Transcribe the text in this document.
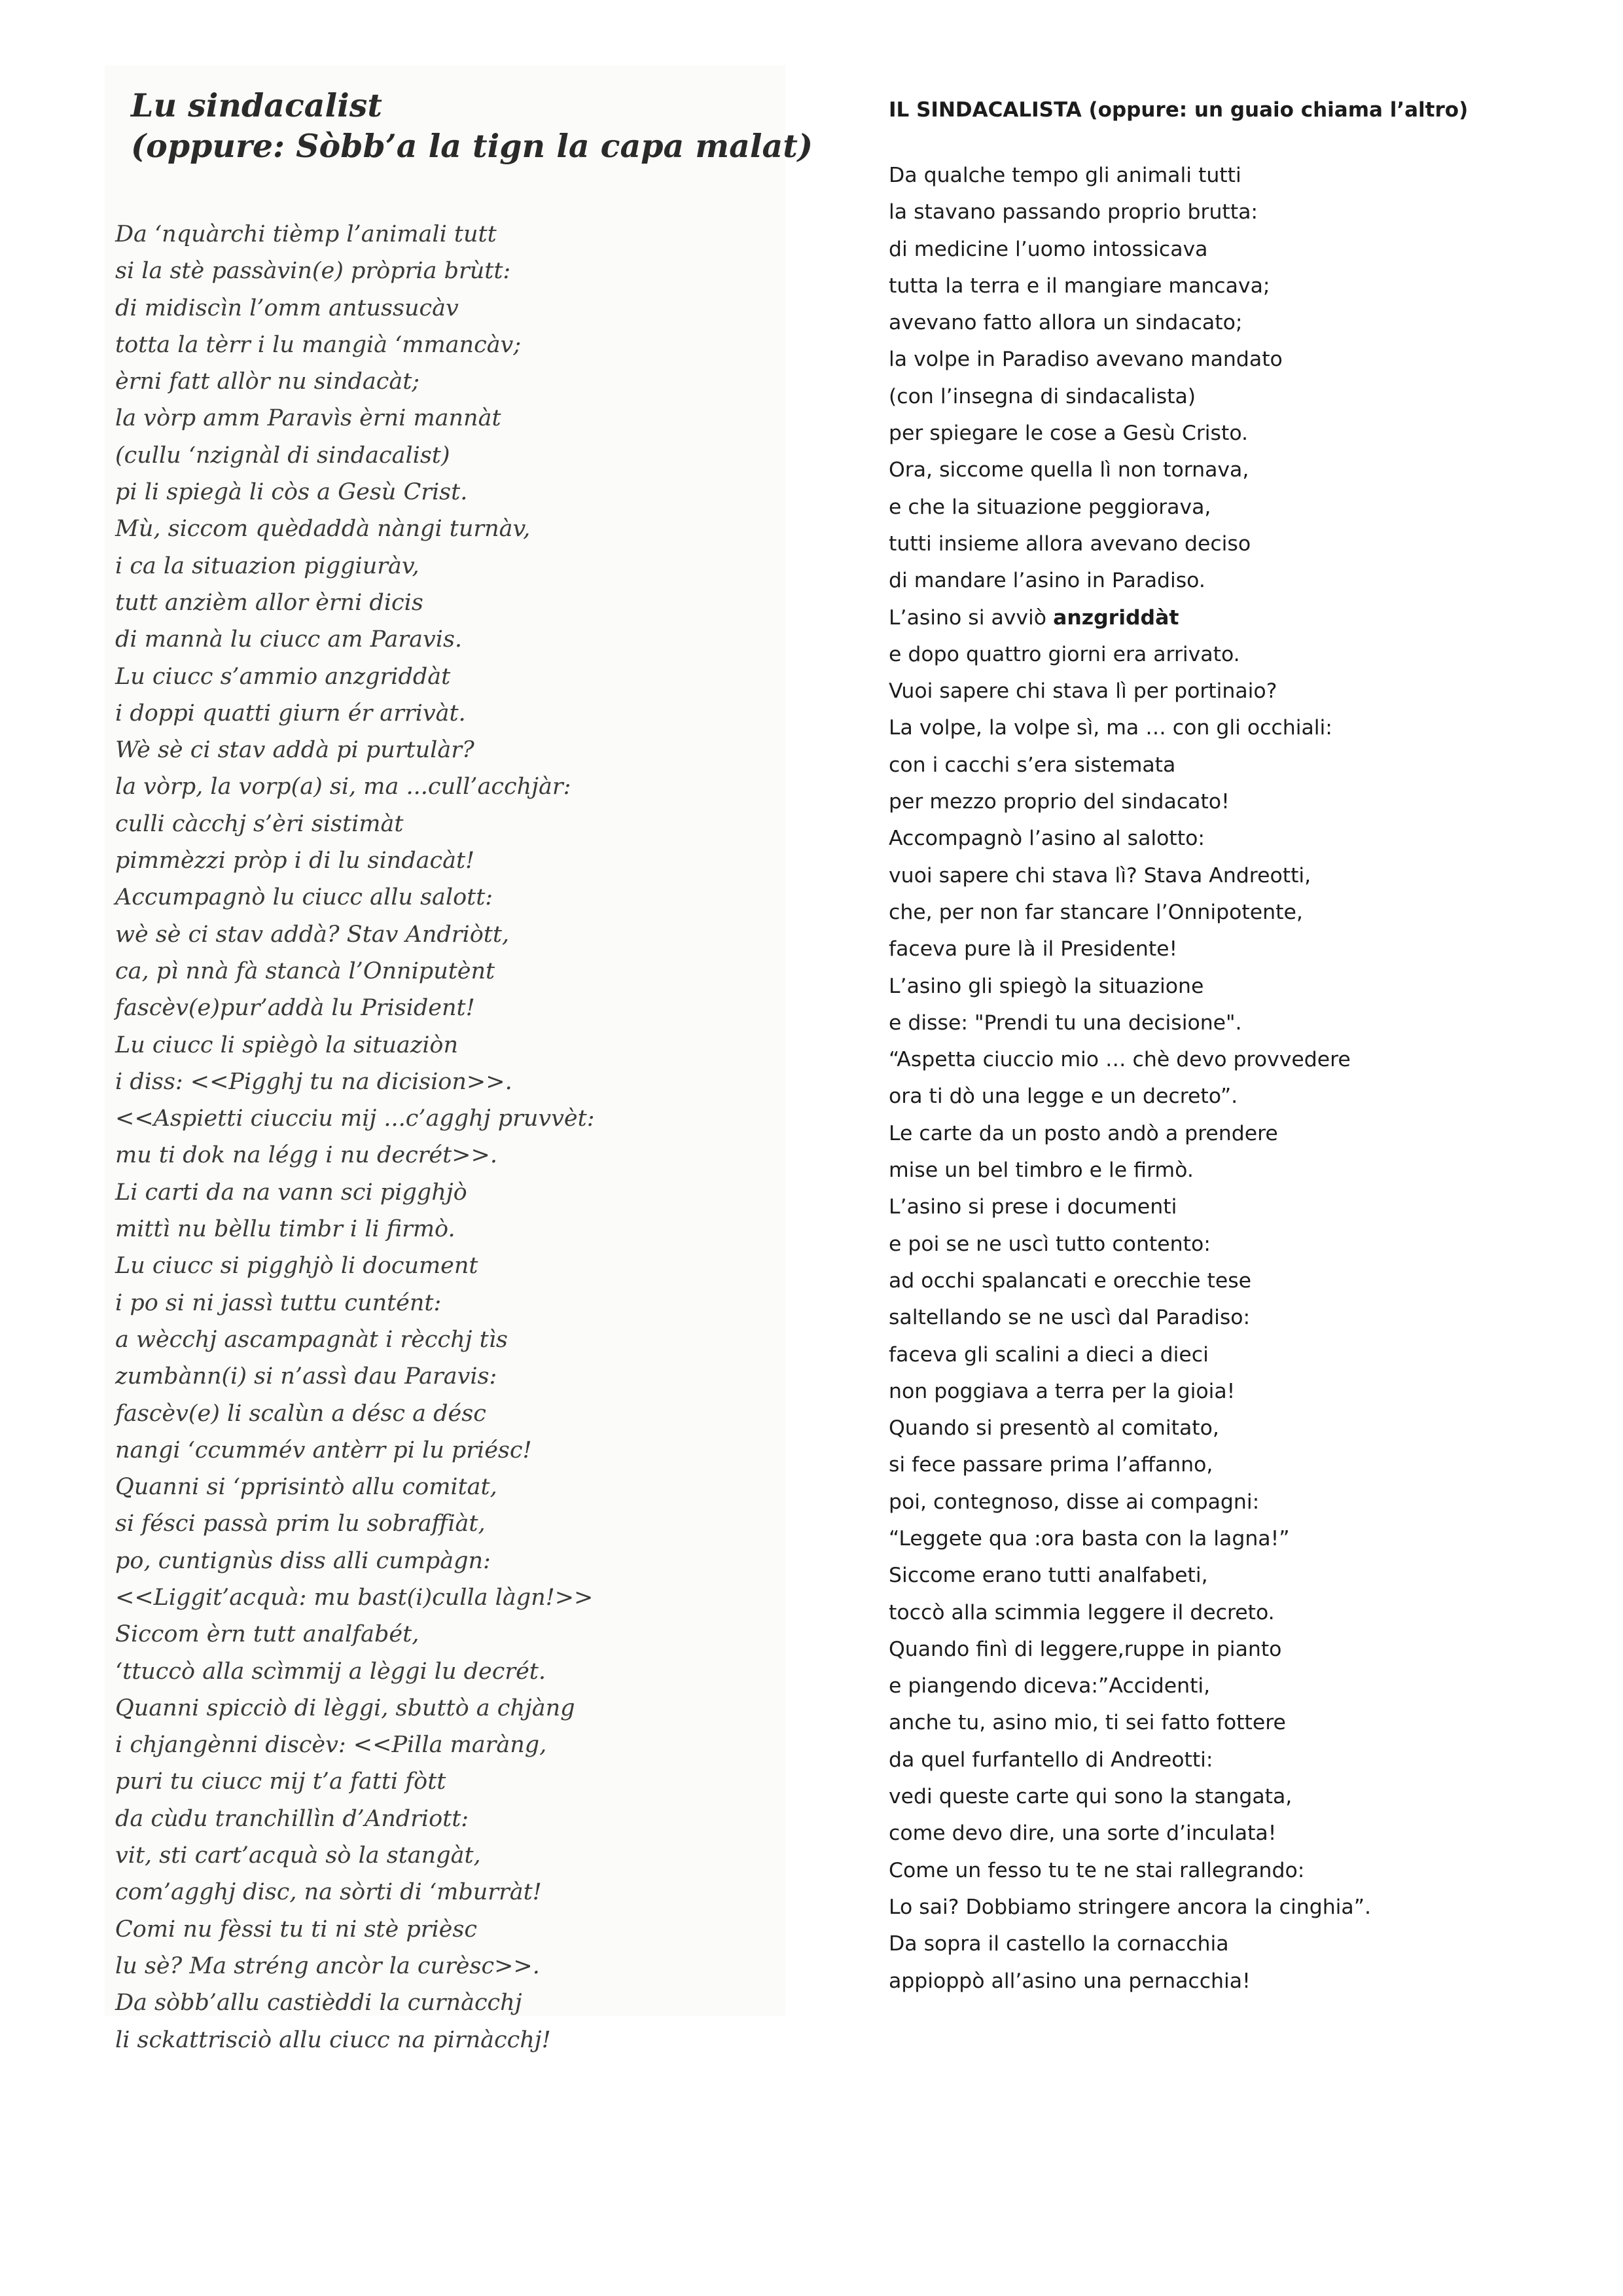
Lu sindacalist
(oppure: Sòbb’a la tign la capa malat)
Da ‘nquàrchi tièmp l’animali tutt
si la stè passàvin(e) pròpria brùtt:
di midiscìn l’omm antussucàv
totta la tèrr i lu mangià ‘mmancàv;
èrni fatt allòr nu sindacàt;
la vòrp amm Paravìs èrni mannàt
(cullu ‘nzignàl di sindacalist)
pi li spiegà li còs a Gesù Crist.
Mù, siccom quèdaddà nàngi turnàv,
i ca la situazion piggiuràv,
tutt anzièm allor èrni dicis
di mannà lu ciucc am Paravis.
Lu ciucc s’ammio anzgriddàt
i doppi quatti giurn ér arrivàt.
Wè sè ci stav addà pi purtulàr?
la vòrp, la vorp(a) si, ma ...cull’acchjàr:
culli càcchj s’èri sistimàt
pimmèzzi pròp i di lu sindacàt!
Accumpagnò lu ciucc allu salott:
wè sè ci stav addà? Stav Andriòtt,
ca, pì nnà fà stancà l’Onniputènt
fascèv(e)pur’addà lu Prisident!
Lu ciucc li spiègò la situaziòn
i diss: <<Pigghj tu na dicision>>.
<<Aspietti ciucciu mij ...c’agghj pruvvèt:
mu ti dok na légg i nu decrét>>.
Li carti da na vann sci pigghjò
mittì nu bèllu timbr i li firmò.
Lu ciucc si pigghjò li document
i po si ni jassì tuttu cuntént:
a wècchj ascampagnàt i rècchj tìs
zumbànn(i) si n’assì dau Paravis:
fascèv(e) li scalùn a désc a désc
nangi ‘ccummév antèrr pi lu priésc!
Quanni si ‘pprisintò allu comitat,
si fésci passà prim lu sobraffiàt,
po, cuntignùs diss alli cumpàgn:
<<Liggit’acquà: mu bast(i)culla làgn!>>
Siccom èrn tutt analfabét,
‘ttuccò alla scìmmij a lèggi lu decrét.
Quanni spicciò di lèggi, sbuttò a chjàng
i chjangènni discèv: <<Pilla maràng,
puri tu ciucc mij t’a fatti fòtt
da cùdu tranchillìn d’Andriott:
vit, sti cart’acquà sò la stangàt,
com’agghj disc, na sòrti di ‘mburràt!
Comi nu fèssi tu ti ni stè prièsc
lu sè? Ma stréng ancòr la curèsc>>.
Da sòbb’allu castièddi la curnàcchj
li sckattrisciò allu ciucc na pirnàcchj!
IL SINDACALISTA (oppure: un guaio chiama l’altro)
Da qualche tempo gli animali tutti
la stavano passando proprio brutta:
di medicine l’uomo intossicava
tutta la terra e il mangiare mancava;
avevano fatto allora un sindacato;
la volpe in Paradiso avevano mandato
(con l’insegna di sindacalista)
per spiegare le cose a Gesù Cristo.
Ora, siccome quella lì non tornava,
e che la situazione peggiorava,
tutti insieme allora avevano deciso
di mandare l’asino in Paradiso.
L’asino si avviò anzgriddàt
e dopo quattro giorni era arrivato.
Vuoi sapere chi stava lì per portinaio?
La volpe, la volpe sì, ma … con gli occhiali:
con i cacchi s’era sistemata
per mezzo proprio del sindacato!
Accompagnò l’asino al salotto:
vuoi sapere chi stava lì? Stava Andreotti,
che, per non far stancare l’Onnipotente,
faceva pure là il Presidente!
L’asino gli spiegò la situazione
e disse: "Prendi tu una decisione".
“Aspetta ciuccio mio … chè devo provvedere
ora ti dò una legge e un decreto”.
Le carte da un posto andò a prendere
mise un bel timbro e le firmò.
L’asino si prese i documenti
e poi se ne uscì tutto contento:
ad occhi spalancati e orecchie tese
saltellando se ne uscì dal Paradiso:
faceva gli scalini a dieci a dieci
non poggiava a terra per la gioia!
Quando si presentò al comitato,
si fece passare prima l’affanno,
poi, contegnoso, disse ai compagni:
“Leggete qua :ora basta con la lagna!”
Siccome erano tutti analfabeti,
toccò alla scimmia leggere il decreto.
Quando finì di leggere,ruppe in pianto
e piangendo diceva:”Accidenti,
anche tu, asino mio, ti sei fatto fottere
da quel furfantello di Andreotti:
vedi queste carte qui sono la stangata,
come devo dire, una sorte d’inculata!
Come un fesso tu te ne stai rallegrando:
Lo sai? Dobbiamo stringere ancora la cinghia”.
Da sopra il castello la cornacchia
appioppò all’asino una pernacchia!
